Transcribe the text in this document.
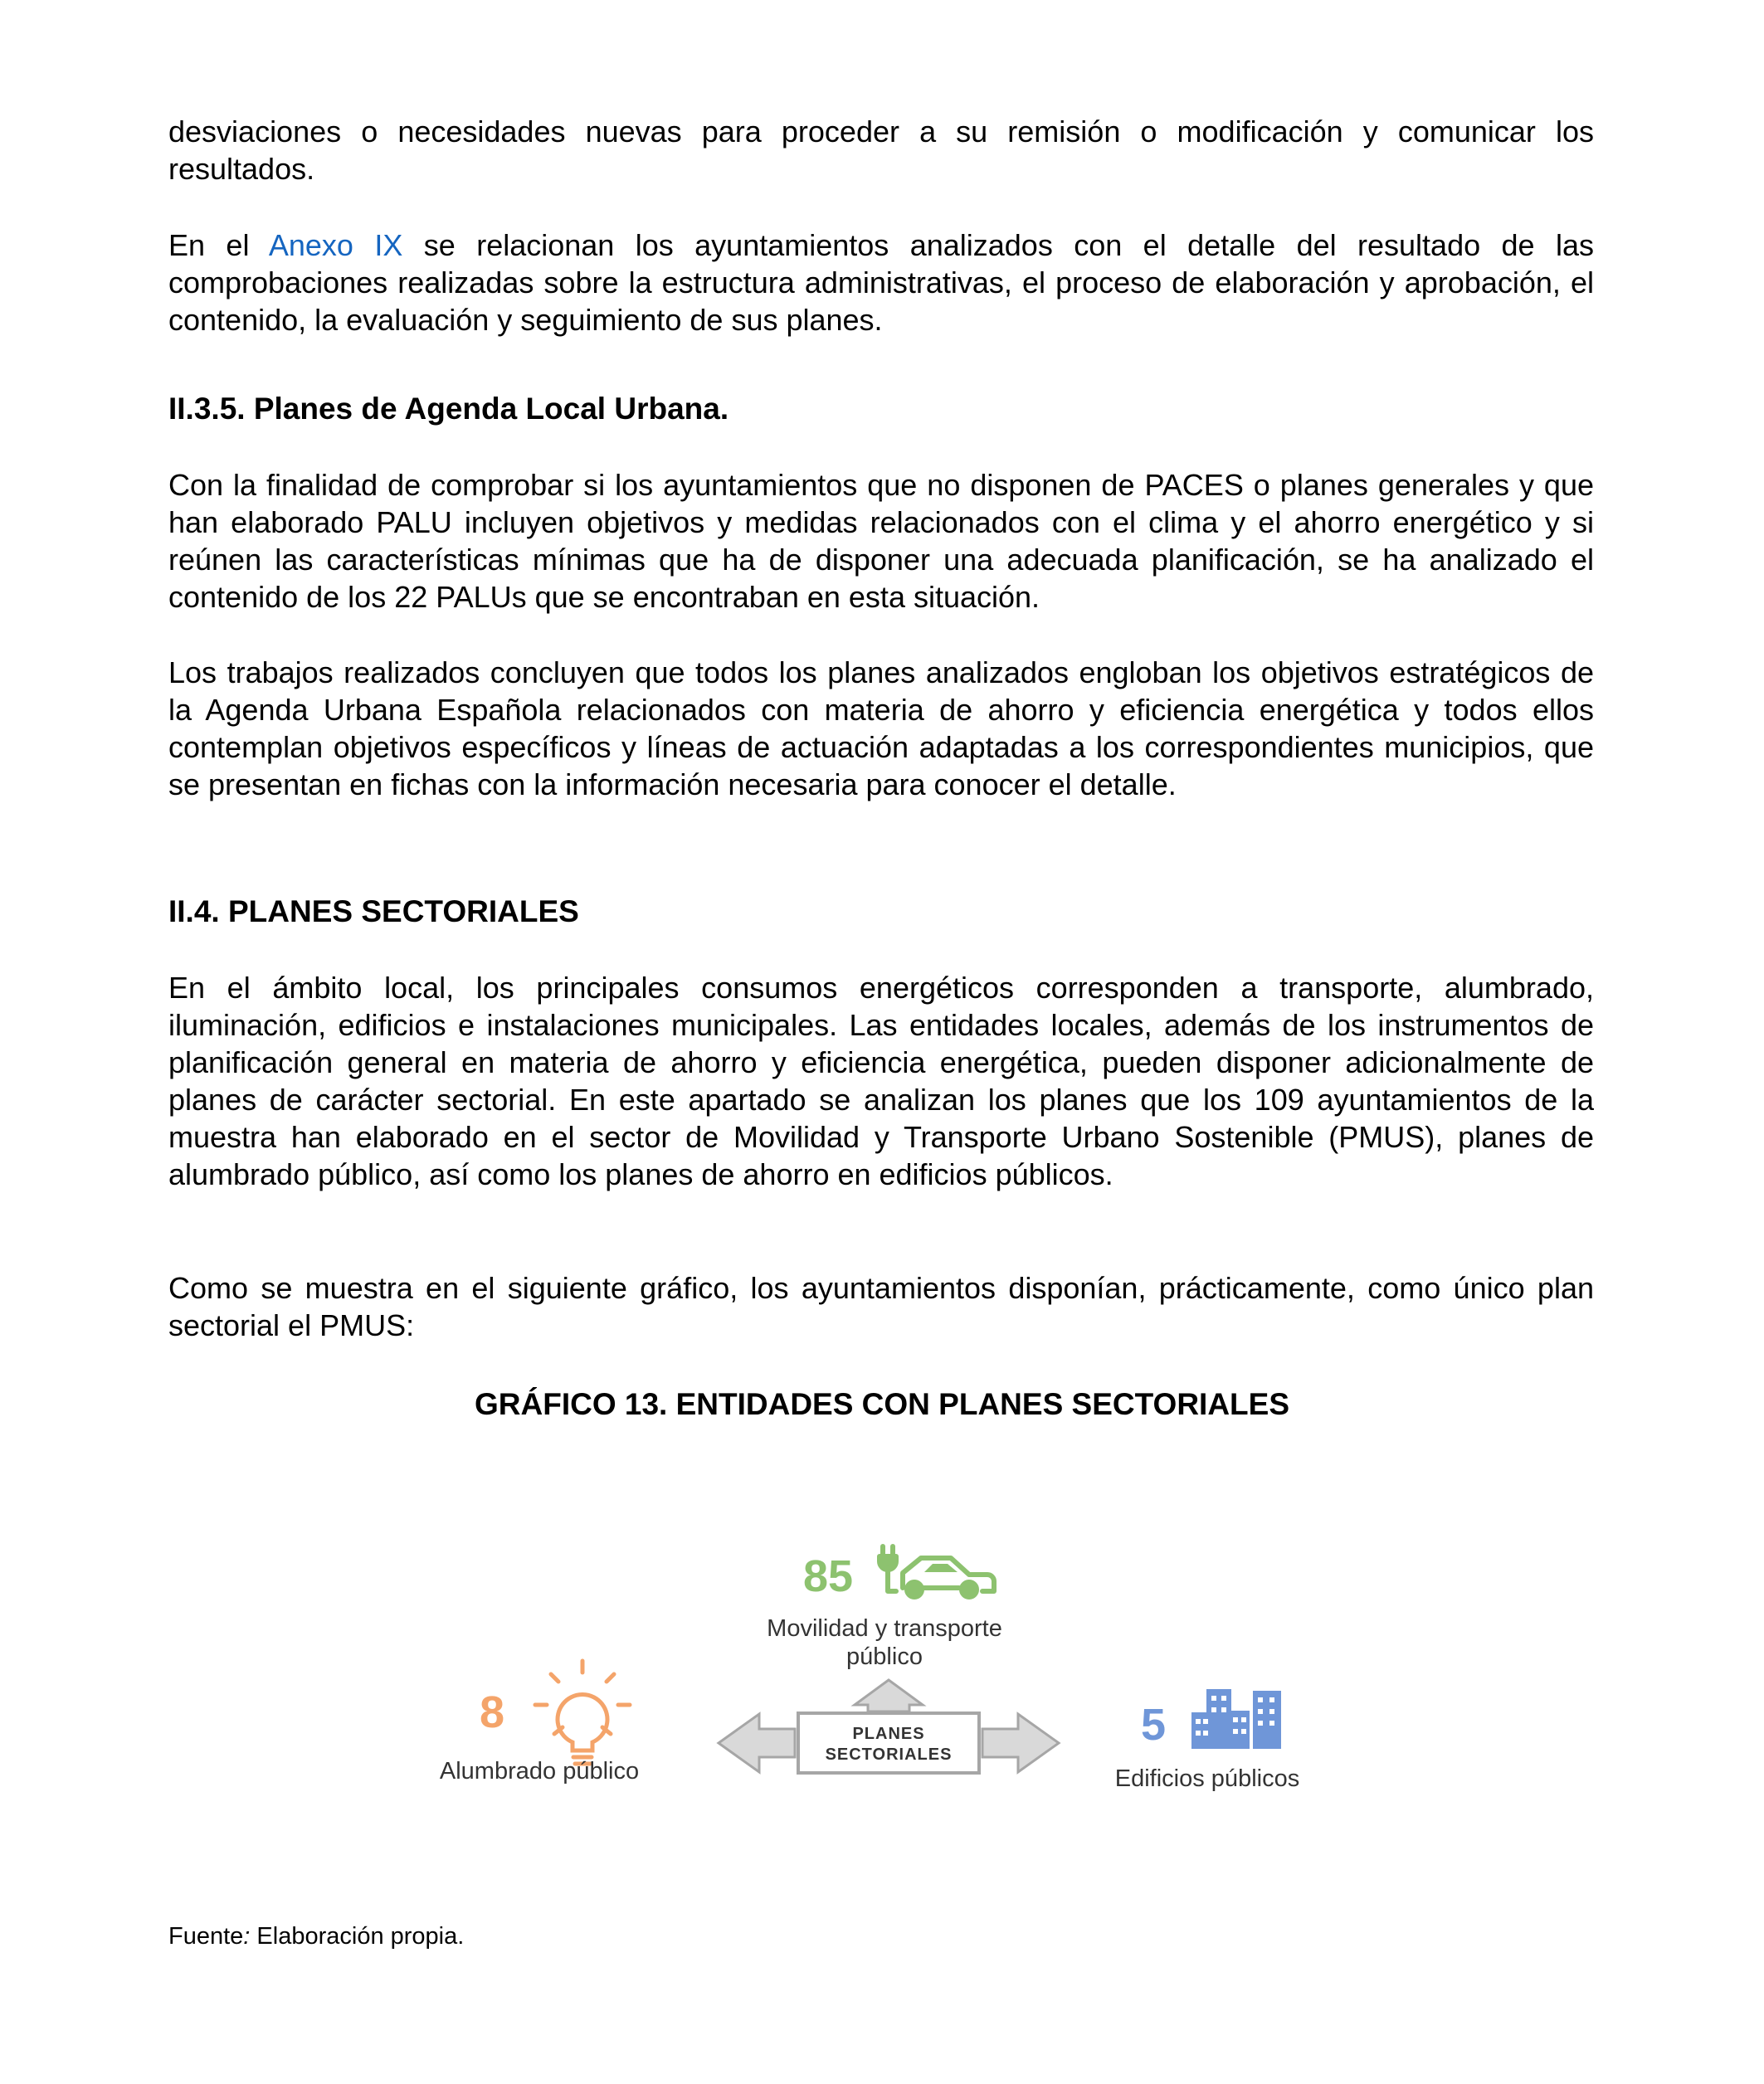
desviaciones o necesidades nuevas para proceder a su remisión o modificación y comunicar los resultados.

En el Anexo IX se relacionan los ayuntamientos analizados con el detalle del resultado de las comprobaciones realizadas sobre la estructura administrativas, el proceso de elaboración y aprobación, el contenido, la evaluación y seguimiento de sus planes.

II.3.5. Planes de Agenda Local Urbana.

Con la finalidad de comprobar si los ayuntamientos que no disponen de PACES o planes generales y que han elaborado PALU incluyen objetivos y medidas relacionados con el clima y el ahorro energético y si reúnen las características mínimas que ha de disponer una adecuada planificación, se ha analizado el contenido de los 22 PALUs que se encontraban en esta situación.

Los trabajos realizados concluyen que todos los planes analizados engloban los objetivos estratégicos de la Agenda Urbana Española relacionados con materia de ahorro y eficiencia energética y todos ellos contemplan objetivos específicos y líneas de actuación adaptadas a los correspondientes municipios, que se presentan en fichas con la información necesaria para conocer el detalle.

II.4. PLANES SECTORIALES

En el ámbito local, los principales consumos energéticos corresponden a transporte, alumbrado, iluminación, edificios e instalaciones municipales. Las entidades locales, además de los instrumentos de planificación general en materia de ahorro y eficiencia energética, pueden disponer adicionalmente de planes de carácter sectorial. En este apartado se analizan los planes que los 109 ayuntamientos de la muestra han elaborado en el sector de Movilidad y Transporte Urbano Sostenible (PMUS), planes de alumbrado público, así como los planes de ahorro en edificios públicos.

Como se muestra en el siguiente gráfico, los ayuntamientos disponían, prácticamente, como único plan sectorial el PMUS:

GRÁFICO 13. ENTIDADES CON PLANES SECTORIALES
PLANES
SECTORIALES
85
Movilidad y transporte
público
8
Alumbrado público
5
Edificios públicos

Fuente: Elaboración propia.
